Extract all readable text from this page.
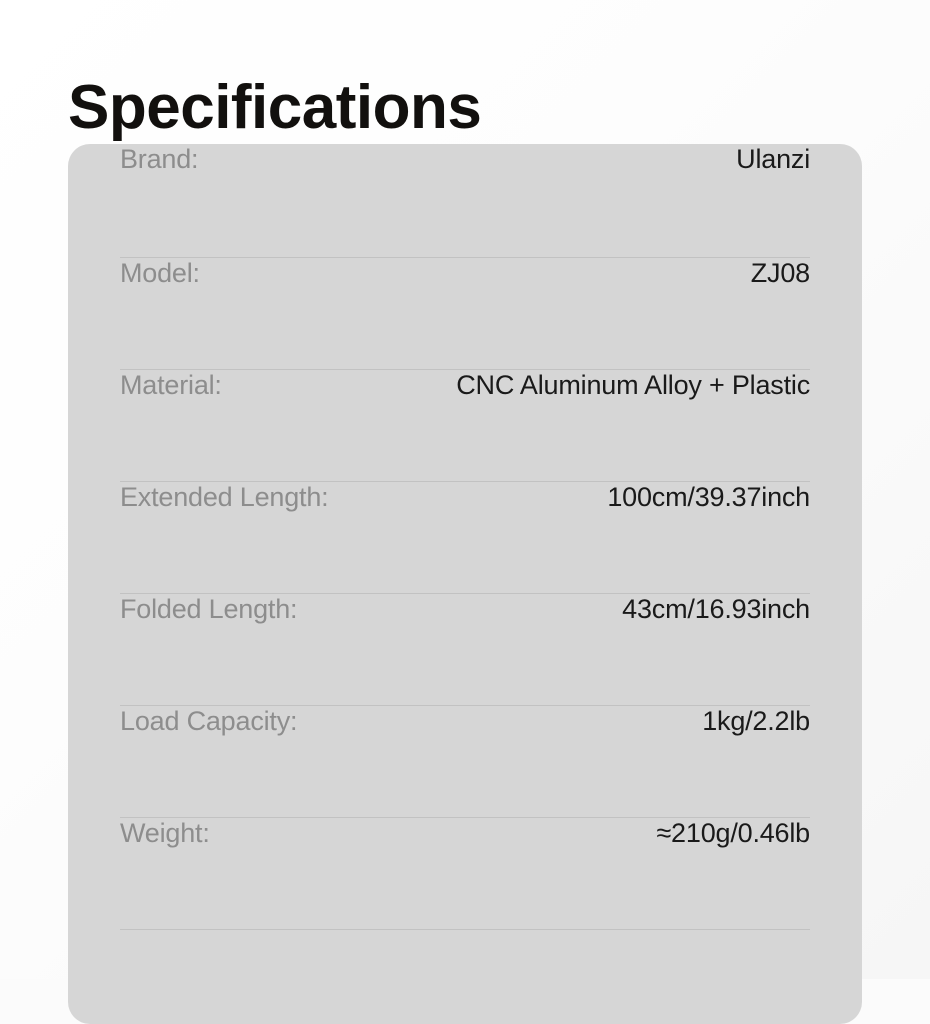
Specifications
Brand:	Ulanzi
Model:	ZJ08
Material:	CNC Aluminum Alloy + Plastic
Extended Length:	100cm/39.37inch
Folded Length:	43cm/16.93inch
Load Capacity:	1kg/2.2lb
Weight:	≈210g/0.46lb
